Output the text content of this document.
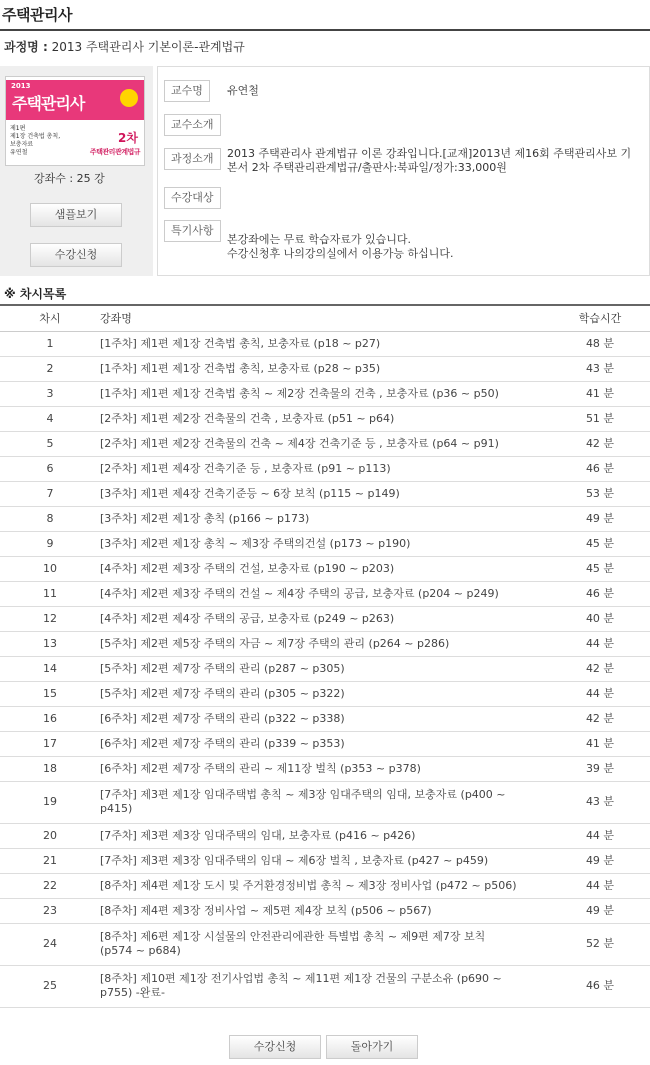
주택관리사
과정명 : 2013 주택관리사 기본이론-관계법규
2013
주택관리사
제1편
제1장 건축법 총칙,
보충자료
유연철
2차
주택관리관계법규
강좌수 : 25 강
샘플보기
수강신청
교수명	유연철
교수소개
과정소개	2013 주택관리사 관계법규 이론 강좌입니다.[교재]2013년 제16회 주택관리사보 기본서 2차 주택관리관계법규/출판사:북파일/정가:33,000원
수강대상
특기사항
본강좌에는 무료 학습자료가 있습니다.
수강신청후 나의강의실에서 이용가능 하십니다.
※ 차시목록
차시	강좌명	학습시간
1	[1주차] 제1편 제1장 건축법 총칙, 보충자료 (p18 ~ p27)	48 분
2	[1주차] 제1편 제1장 건축법 총칙, 보충자료 (p28 ~ p35)	43 분
3	[1주차] 제1편 제1장 건축법 총칙 ~ 제2장 건축물의 건축 , 보충자료 (p36 ~ p50)	41 분
4	[2주차] 제1편 제2장 건축물의 건축 , 보충자료 (p51 ~ p64)	51 분
5	[2주차] 제1편 제2장 건축물의 건축 ~ 제4장 건축기준 등 , 보충자료 (p64 ~ p91)	42 분
6	[2주차] 제1편 제4장 건축기준 등 , 보충자료 (p91 ~ p113)	46 분
7	[3주차] 제1편 제4장 건축기준등 ~ 6장 보칙 (p115 ~ p149)	53 분
8	[3주차] 제2편 제1장 총칙 (p166 ~ p173)	49 분
9	[3주차] 제2편 제1장 총칙 ~ 제3장 주택의건설 (p173 ~ p190)	45 분
10	[4주차] 제2편 제3장 주택의 건설, 보충자료 (p190 ~ p203)	45 분
11	[4주차] 제2편 제3장 주택의 건설 ~ 제4장 주택의 공급, 보충자료 (p204 ~ p249)	46 분
12	[4주차] 제2편 제4장 주택의 공급, 보충자료 (p249 ~ p263)	40 분
13	[5주차] 제2편 제5장 주택의 자금 ~ 제7장 주택의 관리 (p264 ~ p286)	44 분
14	[5주차] 제2편 제7장 주택의 관리 (p287 ~ p305)	42 분
15	[5주차] 제2편 제7장 주택의 관리 (p305 ~ p322)	44 분
16	[6주차] 제2편 제7장 주택의 관리 (p322 ~ p338)	42 분
17	[6주차] 제2편 제7장 주택의 관리 (p339 ~ p353)	41 분
18	[6주차] 제2편 제7장 주택의 관리 ~ 제11장 벌칙 (p353 ~ p378)	39 분
19	[7주차] 제3편 제1장 임대주택법 총칙 ~ 제3장 임대주택의 임대, 보충자료 (p400 ~ p415)	43 분
20	[7주차] 제3편 제3장 임대주택의 임대, 보충자료 (p416 ~ p426)	44 분
21	[7주차] 제3편 제3장 임대주택의 임대 ~ 제6장 벌칙 , 보충자료 (p427 ~ p459)	49 분
22	[8주차] 제4편 제1장 도시 및 주거환경정비법 총칙 ~ 제3장 정비사업 (p472 ~ p506)	44 분
23	[8주차] 제4편 제3장 정비사업 ~ 제5편 제4장 보칙 (p506 ~ p567)	49 분
24	[8주차] 제6편 제1장 시설물의 안전관리에관한 특별법 총칙 ~ 제9편 제7장 보칙 (p574 ~ p684)	52 분
25	[8주차] 제10편 제1장 전기사업법 총칙 ~ 제11편 제1장 건물의 구분소유 (p690 ~ p755) -완료-	46 분
수강신청	돌아가기
